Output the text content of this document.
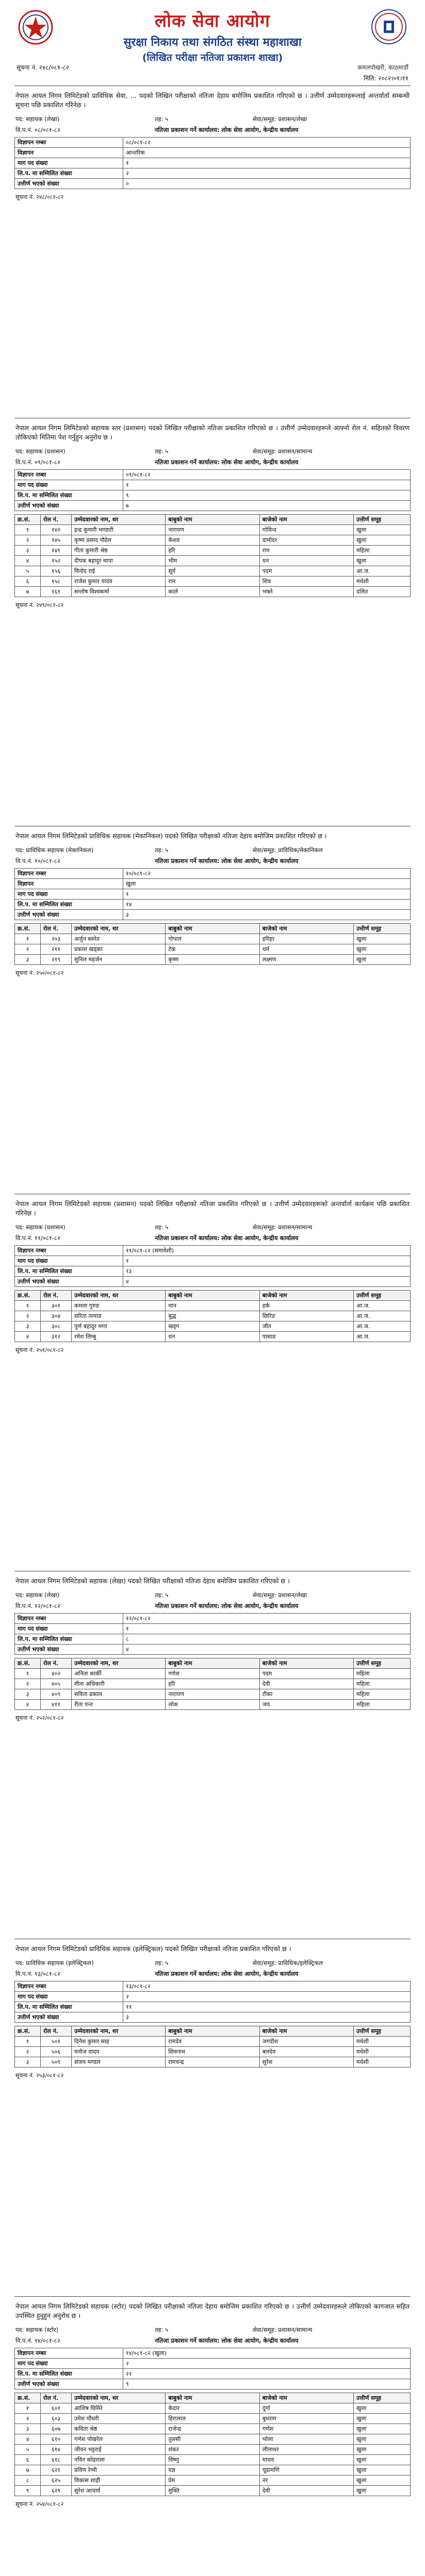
लोक सेवा आयोग
सुरक्षा निकाय तथा संगठित संस्था महाशाखा
(लिखित परीक्षा नतिजा प्रकाशन शाखा)
सूचना नं. २४८/०८१-८२	कमलपोखरी, काठमाडौं
मिति: २०८२।०१।११
नेपाल आयल निगम लिमिटेडको प्राविधिक सेवा, ... पदको लिखित परीक्षाको नतिजा देहाय बमोजिम प्रकाशित गरिएको छ । उत्तीर्ण उम्मेदवारहरूलाई अन्तर्वार्ता सम्बन्धी सूचना पछि प्रकाशित गरिनेछ ।
पद: सहायक (लेखा)	तह: ५	सेवा/समूह: प्रशासन/लेखा
वि.प.नं. ०८/०८१-८२	नतिजा प्रकाशन गर्ने कार्यालय: लोक सेवा आयोग, केन्द्रीय कार्यालय
विज्ञापन नम्बर	०८/०८१-८२
विज्ञापन	आन्तरिक
माग पद संख्या	१
लि.प. मा सम्मिलित संख्या	२
उत्तीर्ण भएको संख्या	०
सूचना नं. २४८/०८१-८२
नेपाल आयल निगम लिमिटेडको सहायक स्तर (प्रशासन) पदको लिखित परीक्षाको नतिजा प्रकाशित गरिएको छ । उत्तीर्ण उम्मेदवारहरूले आफ्नो रोल नं. सहितको विवरण तोकिएको मितिमा पेश गर्नुहुन अनुरोध छ ।
पद: सहायक (प्रशासन)	तह: ५	सेवा/समूह: प्रशासन/सामान्य
वि.प.नं. ०९/०८१-८२	नतिजा प्रकाशन गर्ने कार्यालय: लोक सेवा आयोग, केन्द्रीय कार्यालय
विज्ञापन नम्बर	०९/०८१-८२
माग पद संख्या	१
लि.प. मा सम्मिलित संख्या	९
उत्तीर्ण भएको संख्या	७
क्र.सं.	रोल नं.	उम्मेदवारको नाम, थर	बाबुको नाम	बाजेको नाम	उत्तीर्ण समूह
१	१४२	इन्द्र कुमारी भण्डारी	नारायण	गोविन्द	खुला
२	१४५	कृष्ण प्रसाद पौडेल	केशव	दामोदर	खुला
३	१४९	गीता कुमारी श्रेष्ठ	हरि	राम	महिला
४	१५२	दीपक बहादुर थापा	भीम	धन	खुला
५	१५६	विनोद राई	सूर्य	पदम	आ.ज.
६	१५८	राजेश कुमार यादव	राम	शिव	मधेशी
७	१६१	सन्तोष विश्वकर्मा	काले	भक्ते	दलित
सूचना नं. २४९/०८१-८२
नेपाल आयल निगम लिमिटेडको प्राविधिक सहायक (मेकानिकल) पदको लिखित परीक्षाको नतिजा देहाय बमोजिम प्रकाशित गरिएको छ ।
पद: प्राविधिक सहायक (मेकानिकल)	तह: ५	सेवा/समूह: प्राविधिक/मेकानिकल
वि.प.नं. १०/०८१-८२	नतिजा प्रकाशन गर्ने कार्यालय: लोक सेवा आयोग, केन्द्रीय कार्यालय
विज्ञापन नम्बर	१०/०८१-८२
विज्ञापन	खुला
माग पद संख्या	१
लि.प. मा सम्मिलित संख्या	१४
उत्तीर्ण भएको संख्या	३
क्र.सं.	रोल नं.	उम्मेदवारको नाम, थर	बाबुको नाम	बाजेको नाम	उत्तीर्ण समूह
१	२०३	अर्जुन बस्नेत	गोपाल	हरिहर	खुला
२	२११	प्रकाश खड्का	टेक	धर्म	खुला
३	२१९	सुनिल महर्जन	कृष्ण	लक्ष्मण	खुला
सूचना नं. २५०/०८१-८२
नेपाल आयल निगम लिमिटेडको सहायक (प्रशासन) पदको लिखित परीक्षाको नतिजा प्रकाशित गरिएको छ । उत्तीर्ण उम्मेदवारहरूको अन्तर्वार्ता कार्यक्रम पछि प्रकाशित गरिनेछ ।
पद: सहायक (प्रशासन)	तह: ५	सेवा/समूह: प्रशासन/सामान्य
वि.प.नं. ११/०८१-८२	नतिजा प्रकाशन गर्ने कार्यालय: लोक सेवा आयोग, केन्द्रीय कार्यालय
विज्ञापन नम्बर	११/०८१-८२ (समावेशी)
माग पद संख्या	१
लि.प. मा सम्मिलित संख्या	१३
उत्तीर्ण भएको संख्या	४
क्र.सं.	रोल नं.	उम्मेदवारको नाम, थर	बाबुको नाम	बाजेको नाम	उत्तीर्ण समूह
१	३०१	कमला गुरुङ	मान	हर्क	आ.ज.
२	३०४	सरिता तामाङ	बुद्ध	छिरिङ	आ.ज.
३	३०८	पूर्ण बहादुर मगर	खड्ग	जीत	आ.ज.
४	३१२	रमेश लिम्बु	धन	पासाङ	आ.ज.
सूचना नं. २५१/०८१-८२
नेपाल आयल निगम लिमिटेडको सहायक (लेखा) पदको लिखित परीक्षाको नतिजा देहाय बमोजिम प्रकाशित गरिएको छ ।
पद: सहायक (लेखा)	तह: ५	सेवा/समूह: प्रशासन/लेखा
वि.प.नं. १२/०८१-८२	नतिजा प्रकाशन गर्ने कार्यालय: लोक सेवा आयोग, केन्द्रीय कार्यालय
विज्ञापन नम्बर	१२/०८१-८२
माग पद संख्या	१
लि.प. मा सम्मिलित संख्या	८
उत्तीर्ण भएको संख्या	४
क्र.सं.	रोल नं.	उम्मेदवारको नाम, थर	बाबुको नाम	बाजेको नाम	उत्तीर्ण समूह
१	४०२	अनिता कार्की	गणेश	पदम	महिला
२	४०५	मीना अधिकारी	हरि	देवी	महिला
३	४०९	सविता ढकाल	नारायण	टीका	महिला
४	४११	रीता पन्त	लोक	जय	महिला
सूचना नं. २५२/०८१-८२
नेपाल आयल निगम लिमिटेडको प्राविधिक सहायक (इलेक्ट्रिकल) पदको लिखित परीक्षाको नतिजा प्रकाशित गरिएको छ ।
पद: प्राविधिक सहायक (इलेक्ट्रिकल)	तह: ५	सेवा/समूह: प्राविधिक/इलेक्ट्रिकल
वि.प.नं. १३/०८१-८२	नतिजा प्रकाशन गर्ने कार्यालय: लोक सेवा आयोग, केन्द्रीय कार्यालय
विज्ञापन नम्बर	१३/०८१-८२
माग पद संख्या	२
लि.प. मा सम्मिलित संख्या	११
उत्तीर्ण भएको संख्या	३
क्र.सं.	रोल नं.	उम्मेदवारको नाम, थर	बाबुको नाम	बाजेको नाम	उत्तीर्ण समूह
१	५०१	दिनेश कुमार साह	रामदेव	जगदीश	मधेशी
२	५०६	मनोज यादव	शिवनाथ	बलदेव	मधेशी
३	५०९	संजय मण्डल	रामचन्द्र	सुरेश	मधेशी
सूचना नं. २५३/०८१-८२
नेपाल आयल निगम लिमिटेडको सहायक (स्टोर) पदको लिखित परीक्षाको नतिजा देहाय बमोजिम प्रकाशित गरिएको छ । उत्तीर्ण उम्मेदवारहरूले तोकिएको कागजात सहित उपस्थित हुनुहुन अनुरोध छ ।
पद: सहायक (स्टोर)	तह: ५	सेवा/समूह: प्रशासन/सामान्य
वि.प.नं. १४/०८१-८२	नतिजा प्रकाशन गर्ने कार्यालय: लोक सेवा आयोग, केन्द्रीय कार्यालय
विज्ञापन नम्बर	१४/०८१-८२ (खुला)
माग पद संख्या	२
लि.प. मा सम्मिलित संख्या	२२
उत्तीर्ण भएको संख्या	९
क्र.सं.	रोल नं.	उम्मेदवारको नाम, थर	बाबुको नाम	बाजेको नाम	उत्तीर्ण समूह
१	६०१	आशिष घिमिरे	केदार	दुर्गा	खुला
२	६०३	उमेश चौधरी	हिरालाल	बुधराम	खुला
३	६०७	कविता श्रेष्ठ	राजेन्द्र	गणेश	खुला
४	६१०	गणेश पोखरेल	तुलसी	भोला	खुला
५	६१४	जीवन भट्टराई	शंकर	लीलाधर	खुला
६	६१८	नविन कोइराला	विष्णु	माधव	खुला
७	६२१	प्रविण रेग्मी	यज्ञ	चूडामणि	खुला
८	६२५	विकास शाही	प्रेम	नर	खुला
९	६२९	सुरेश आचार्य	मुक्ति	देवी	खुला
सूचना नं. २५४/०८१-८२
